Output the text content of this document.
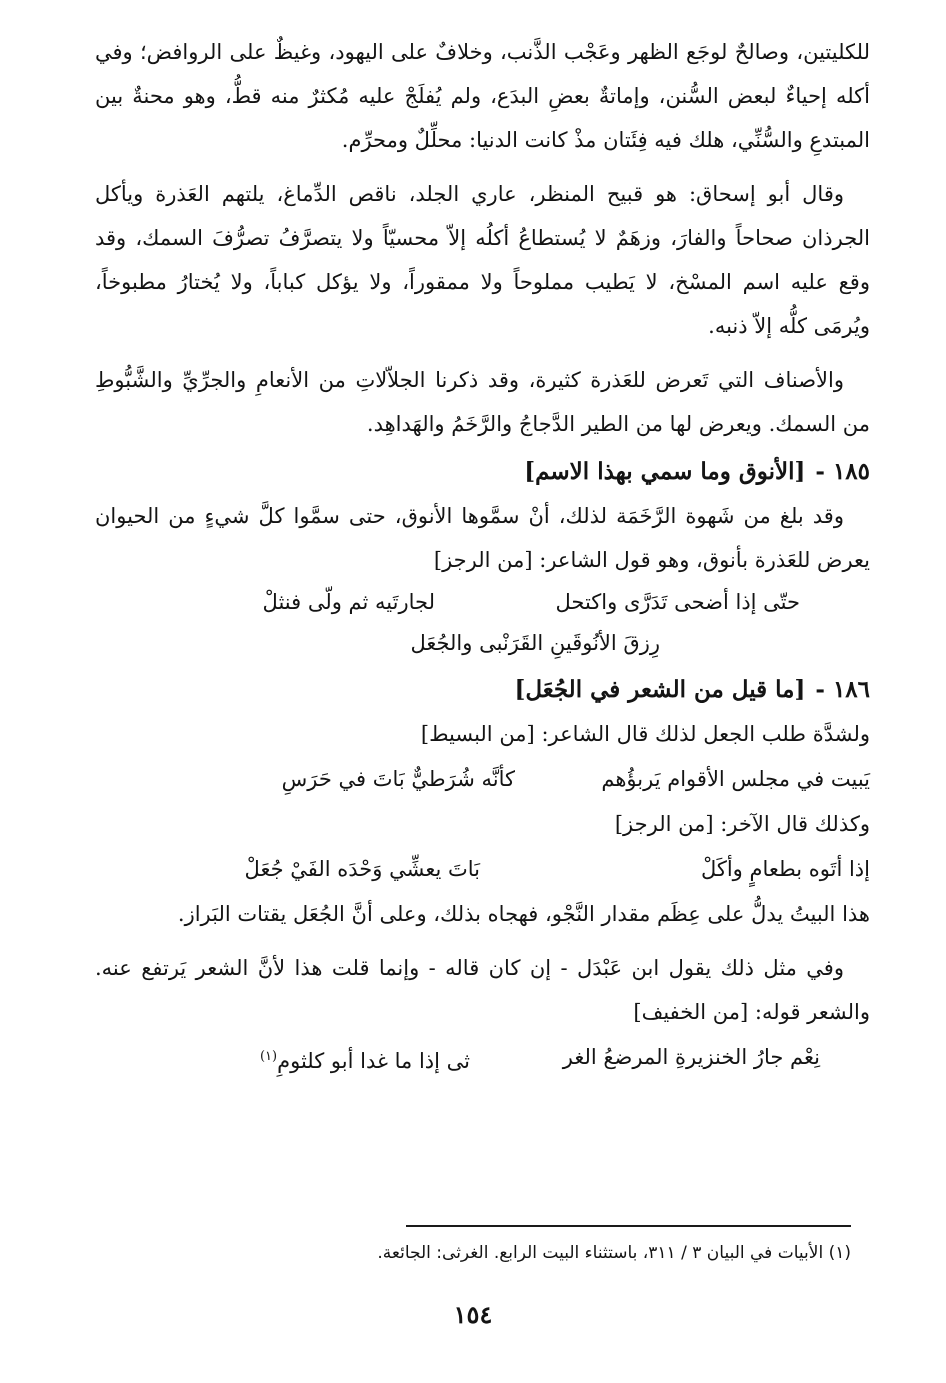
للكليتين، وصالحٌ لوجَع الظهر وعَجْب الذَّنب، وخلافٌ على اليهود، وغيظٌ على الروافض؛ وفي أكله إحياءٌ لبعض السُّنن، وإماتةٌ بعضِ البدَع، ولم يُفلَجْ عليه مُكثرٌ منه قطُّ، وهو محنةٌ بين المبتدعِ والسُّنِّي، هلك فيه فِئَتان مذْ كانت الدنيا: محلِّلٌ ومحرِّم.

وقال أبو إسحاق: هو قبيح المنظر، عاري الجلد، ناقص الدِّماغ، يلتهم العَذرة ويأكل الجرذان صحاحاً والفارَ، وزهَمٌ لا يُستطاعُ أكلُه إلاّ محسيّاً ولا يتصرَّفُ تصرُّفَ السمك، وقد وقع عليه اسم المسْخ، لا يَطيب مملوحاً ولا ممقوراً، ولا يؤكل كباباً، ولا يُختارُ مطبوخاً، ويُرمَى كلُّه إلاّ ذنبه.

والأصناف التي تَعرض للعَذرة كثيرة، وقد ذكرنا الجلاّلاتِ من الأنعامِ والجرِّيِّ والشَّبُّوطِ من السمك. ويعرض لها من الطير الدَّجاجُ والرَّخَمُ والهَداهِد.

١٨٥ -[الأنوق وما سمي بهذا الاسم]

وقد بلغ من شَهوة الرَّخَمَة لذلك، أنْ سمَّوها الأنوق، حتى سمَّوا كلَّ شيءٍ من الحيوان يعرض للعَذرة بأنوق، وهو قول الشاعر: [من الرجز]

حتّى إذا أضحى تَدَرَّى واكتحل
لجارتَيه ثم ولّى فنثلْ
رِزقَ الأنُوقَينِ القَرَنْبى والجُعَل
١٨٦ -[ما قيل من الشعر في الجُعَل]

ولشدَّة طلب الجعل لذلك قال الشاعر: [من البسيط]

يَبيت في مجلس الأقوام يَربؤُهم
كأنَّه شُرَطيٌّ بَاتَ في حَرَسِ

وكذلك قال الآخر: [من الرجز]

إذا أتَوه بطعامٍ وأكَلْ
بَاتَ يعشِّي وَحْدَه الفَيْ جُعَلْ

هذا البيتُ يدلُّ على عِظَم مقدار النَّجْو، فهجاه بذلك، وعلى أنَّ الجُعَل يقتات البَراز.

وفي مثل ذلك يقول ابن عَبْدَل - إن كان قاله - وإنما قلت هذا لأنَّ الشعر يَرتفع عنه. والشعر قوله: [من الخفيف]

نِعْم جارُ الخنزيرةِ المرضعُ الغر
ثى إذا ما غدا أبو كلثومِ$^{(١)}$
(١) الأبيات في البيان ٣ / ٣١١، باستثناء البيت الرابع. الغرثى: الجائعة.
١٥٤
